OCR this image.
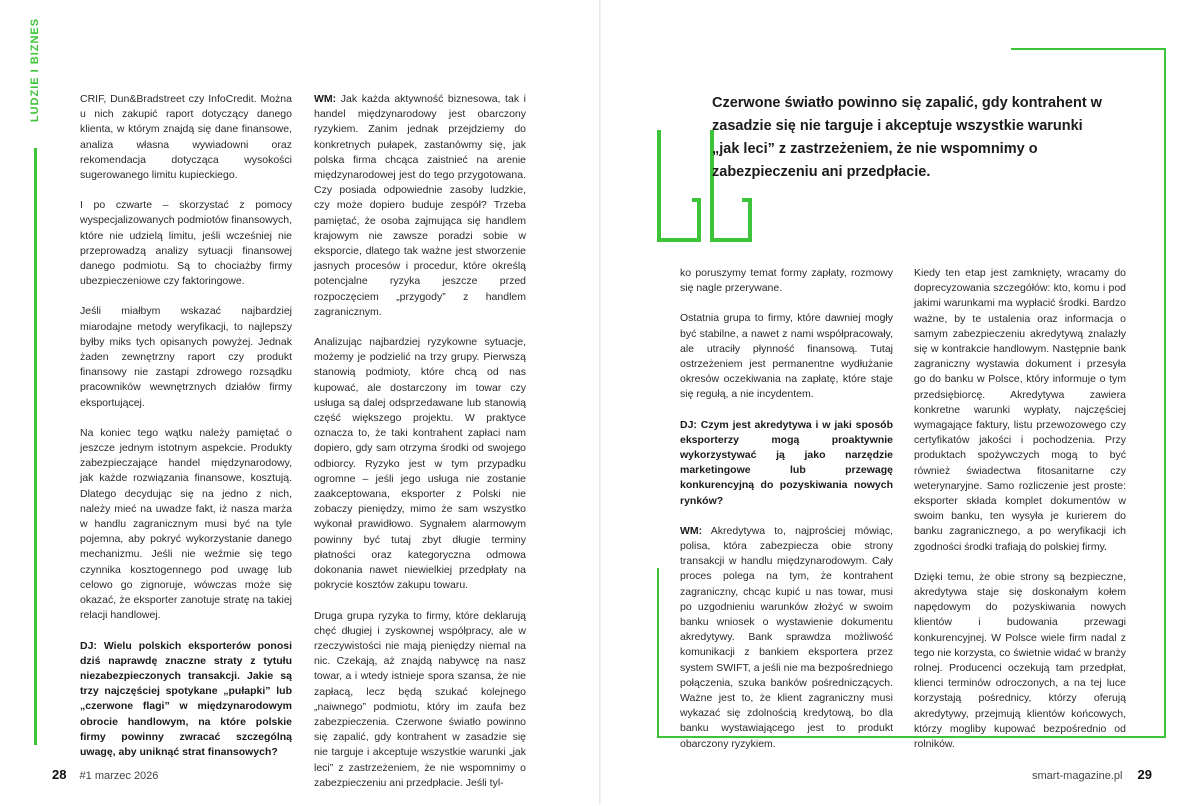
LUDZIE I BIZNES	CRIF, Dun&Bradstreet czy InfoCredit. Można u nich zakupić raport dotyczący danego klienta, w którym znajdą się dane finansowe, analiza własna wywiadowni oraz rekomendacja dotycząca wysokości sugerowanego limitu kupieckiego.

I po czwarte – skorzystać z pomocy wyspecjalizowanych podmiotów finansowych, które nie udzielą limitu, jeśli wcześniej nie przeprowadzą analizy sytuacji finansowej danego podmiotu. Są to chociażby firmy ubezpieczeniowe czy faktoringowe.

Jeśli miałbym wskazać najbardziej miarodajne metody weryfikacji, to najlepszy byłby miks tych opisanych powyżej. Jednak żaden zewnętrzny raport czy produkt finansowy nie zastąpi zdrowego rozsądku pracowników wewnętrznych działów firmy eksportującej.

Na koniec tego wątku należy pamiętać o jeszcze jednym istotnym aspekcie. Produkty zabezpieczające handel międzynarodowy, jak każde rozwiązania finansowe, kosztują. Dlatego decydując się na jedno z nich, należy mieć na uwadze fakt, iż nasza marża w handlu zagranicznym musi być na tyle pojemna, aby pokryć wykorzystanie danego mechanizmu. Jeśli nie weźmie się tego czynnika kosztogennego pod uwagę lub celowo go zignoruje, wówczas może się okazać, że eksporter zanotuje stratę na takiej relacji handlowej.

DJ: Wielu polskich eksporterów ponosi dziś naprawdę znaczne straty z tytułu niezabezpieczonych transakcji. Jakie są trzy najczęściej spotykane „pułapki” lub „czerwone flagi” w międzynarodowym obrocie handlowym, na które polskie firmy powinny zwracać szczególną uwagę, aby uniknąć strat finansowych?

WM: Jak każda aktywność biznesowa, tak i handel międzynarodowy jest obarczony ryzykiem. Zanim jednak przejdziemy do konkretnych pułapek, zastanówmy się, jak polska firma chcąca zaistnieć na arenie międzynarodowej jest do tego przygotowana. Czy posiada odpowiednie zasoby ludzkie, czy może dopiero buduje zespół? Trzeba pamiętać, że osoba zajmująca się handlem krajowym nie zawsze poradzi sobie w eksporcie, dlatego tak ważne jest stworzenie jasnych procesów i procedur, które określą potencjalne ryzyka jeszcze przed rozpoczęciem „przygody” z handlem zagranicznym.

Analizując najbardziej ryzykowne sytuacje, możemy je podzielić na trzy grupy. Pierwszą stanowią podmioty, które chcą od nas kupować, ale dostarczony im towar czy usługa są dalej odsprzedawane lub stanowią część większego projektu. W praktyce oznacza to, że taki kontrahent zapłaci nam dopiero, gdy sam otrzyma środki od swojego odbiorcy. Ryzyko jest w tym przypadku ogromne – jeśli jego usługa nie zostanie zaakceptowana, eksporter z Polski nie zobaczy pieniędzy, mimo że sam wszystko wykonał prawidłowo. Sygnałem alarmowym powinny być tutaj zbyt długie terminy płatności oraz kategoryczna odmowa dokonania nawet niewielkiej przedpłaty na pokrycie kosztów zakupu towaru.

Druga grupa ryzyka to firmy, które deklarują chęć długiej i zyskownej współpracy, ale w rzeczywistości nie mają pieniędzy niemal na nic. Czekają, aż znajdą nabywcę na nasz towar, a i wtedy istnieje spora szansa, że nie zapłacą, lecz będą szukać kolejnego „naiwnego” podmiotu, który im zaufa bez zabezpieczenia. Czerwone światło powinno się zapalić, gdy kontrahent w zasadzie się nie targuje i akceptuje wszystkie warunki „jak leci” z zastrzeżeniem, że nie wspomnimy o zabezpieczeniu ani przedpłacie. Jeśli tyl-

28 #1 marzec 2026
Czerwone światło powinno się zapalić, gdy kontrahent w zasadzie się nie targuje i akceptuje wszystkie warunki „jak leci” z zastrzeżeniem, że nie wspomnimy o zabezpieczeniu ani przedpłacie.

ko poruszymy temat formy zapłaty, rozmowy się nagle przerywane.

Ostatnia grupa to firmy, które dawniej mogły być stabilne, a nawet z nami współpracowały, ale utraciły płynność finansową. Tutaj ostrzeżeniem jest permanentne wydłużanie okresów oczekiwania na zapłatę, które staje się regułą, a nie incydentem.

DJ: Czym jest akredytywa i w jaki sposób eksporterzy mogą proaktywnie wykorzystywać ją jako narzędzie marketingowe lub przewagę konkurencyjną do pozyskiwania nowych rynków?

WM: Akredytywa to, najprościej mówiąc, polisa, która zabezpiecza obie strony transakcji w handlu międzynarodowym. Cały proces polega na tym, że kontrahent zagraniczny, chcąc kupić u nas towar, musi po uzgodnieniu warunków złożyć w swoim banku wniosek o wystawienie dokumentu akredytywy. Bank sprawdza możliwość komunikacji z bankiem eksportera przez system SWIFT, a jeśli nie ma bezpośredniego połączenia, szuka banków pośredniczących. Ważne jest to, że klient zagraniczny musi wykazać się zdolnością kredytową, bo dla banku wystawiającego jest to produkt obarczony ryzykiem.

Kiedy ten etap jest zamknięty, wracamy do doprecyzowania szczegółów: kto, komu i pod jakimi warunkami ma wypłacić środki. Bardzo ważne, by te ustalenia oraz informacja o samym zabezpieczeniu akredytywą znalazły się w kontrakcie handlowym. Następnie bank zagraniczny wystawia dokument i przesyła go do banku w Polsce, który informuje o tym przedsiębiorcę. Akredytywa zawiera konkretne warunki wypłaty, najczęściej wymagające faktury, listu przewozowego czy certyfikatów jakości i pochodzenia. Przy produktach spożywczych mogą to być również świadectwa fitosanitarne czy weterynaryjne. Samo rozliczenie jest proste: eksporter składa komplet dokumentów w swoim banku, ten wysyła je kurierem do banku zagranicznego, a po weryfikacji ich zgodności środki trafiają do polskiej firmy.

Dzięki temu, że obie strony są bezpieczne, akredytywa staje się doskonałym kołem napędowym do pozyskiwania nowych klientów i budowania przewagi konkurencyjnej. W Polsce wiele firm nadal z tego nie korzysta, co świetnie widać w branży rolnej. Producenci oczekują tam przedpłat, klienci terminów odroczonych, a na tej luce korzystają pośrednicy, którzy oferują akredytywy, przejmują klientów końcowych, którzy mogliby kupować bezpośrednio od rolników.

smart-magazine.pl 29
